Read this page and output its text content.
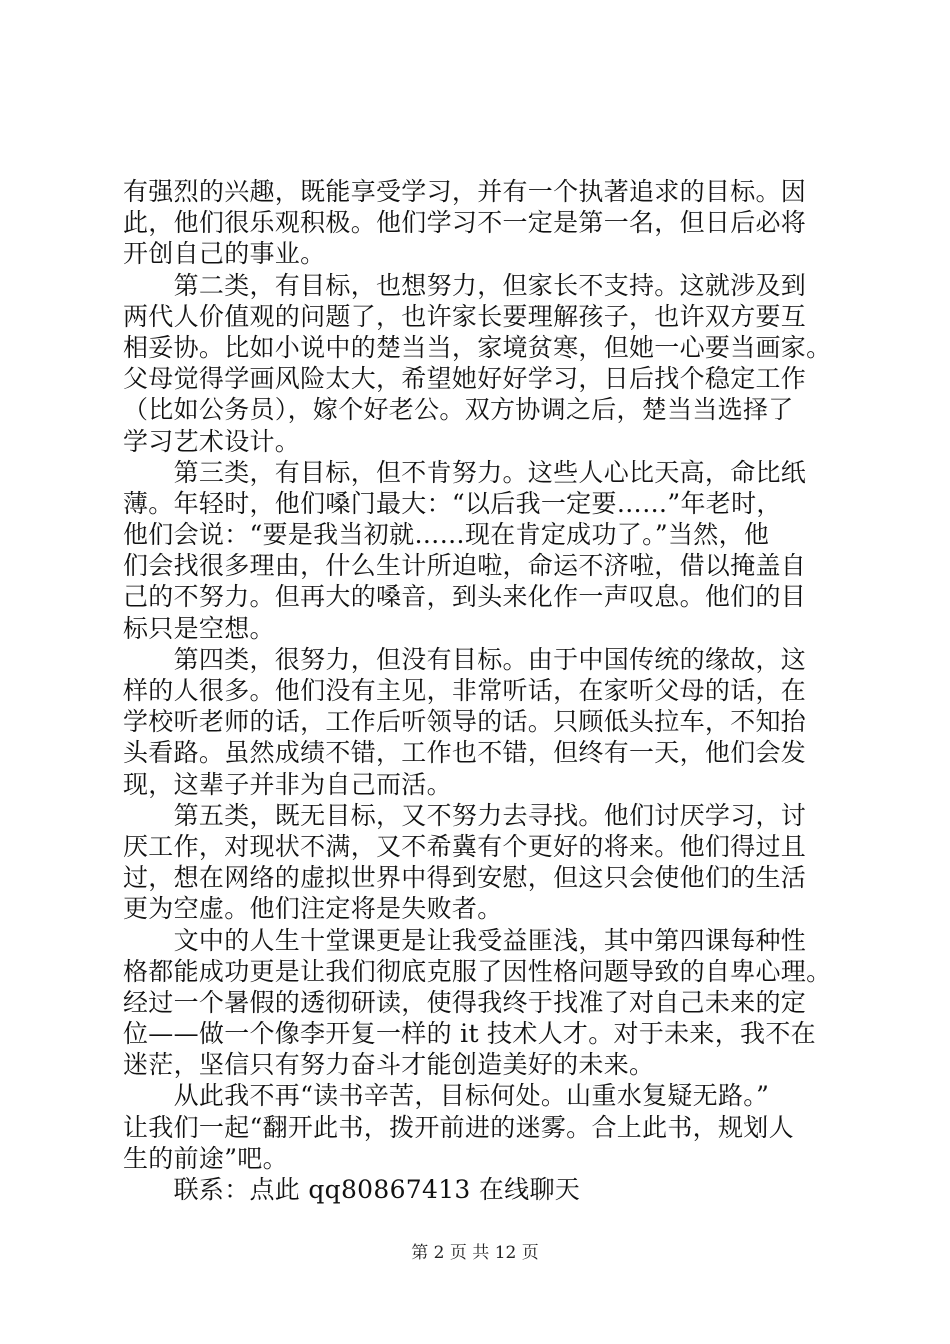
有强烈的兴趣，既能享受学习，并有一个执著追求的目标。因
此，他们很乐观积极。他们学习不一定是第一名，但日后必将
开创自己的事业。
　　第二类，有目标，也想努力，但家长不支持。这就涉及到
两代人价值观的问题了，也许家长要理解孩子，也许双方要互
相妥协。比如小说中的楚当当，家境贫寒，但她一心要当画家。
父母觉得学画风险太大，希望她好好学习，日后找个稳定工作
（比如公务员），嫁个好老公。双方协调之后，楚当当选择了
学习艺术设计。
　　第三类，有目标，但不肯努力。这些人心比天高，命比纸
薄。年轻时，他们嗓门最大：“以后我一定要……”年老时，
他们会说：“要是我当初就……现在肯定成功了。”当然，他
们会找很多理由，什么生计所迫啦，命运不济啦，借以掩盖自
己的不努力。但再大的嗓音，到头来化作一声叹息。他们的目
标只是空想。
　　第四类，很努力，但没有目标。由于中国传统的缘故，这
样的人很多。他们没有主见，非常听话，在家听父母的话，在
学校听老师的话，工作后听领导的话。只顾低头拉车，不知抬
头看路。虽然成绩不错，工作也不错，但终有一天，他们会发
现，这辈子并非为自己而活。
　　第五类，既无目标，又不努力去寻找。他们讨厌学习，讨
厌工作，对现状不满，又不希冀有个更好的将来。他们得过且
过，想在网络的虚拟世界中得到安慰，但这只会使他们的生活
更为空虚。他们注定将是失败者。
　　文中的人生十堂课更是让我受益匪浅，其中第四课每种性
格都能成功更是让我们彻底克服了因性格问题导致的自卑心理。
经过一个暑假的透彻研读，使得我终于找准了对自己未来的定
位——做一个像李开复一样的 it 技术人才。对于未来，我不在
迷茫，坚信只有努力奋斗才能创造美好的未来。
　　从此我不再“读书辛苦，目标何处。山重水复疑无路。”
让我们一起“翻开此书，拨开前进的迷雾。合上此书，规划人
生的前途”吧。
　　联系：点此 qq80867413 在线聊天
第 2 页 共 12 页
